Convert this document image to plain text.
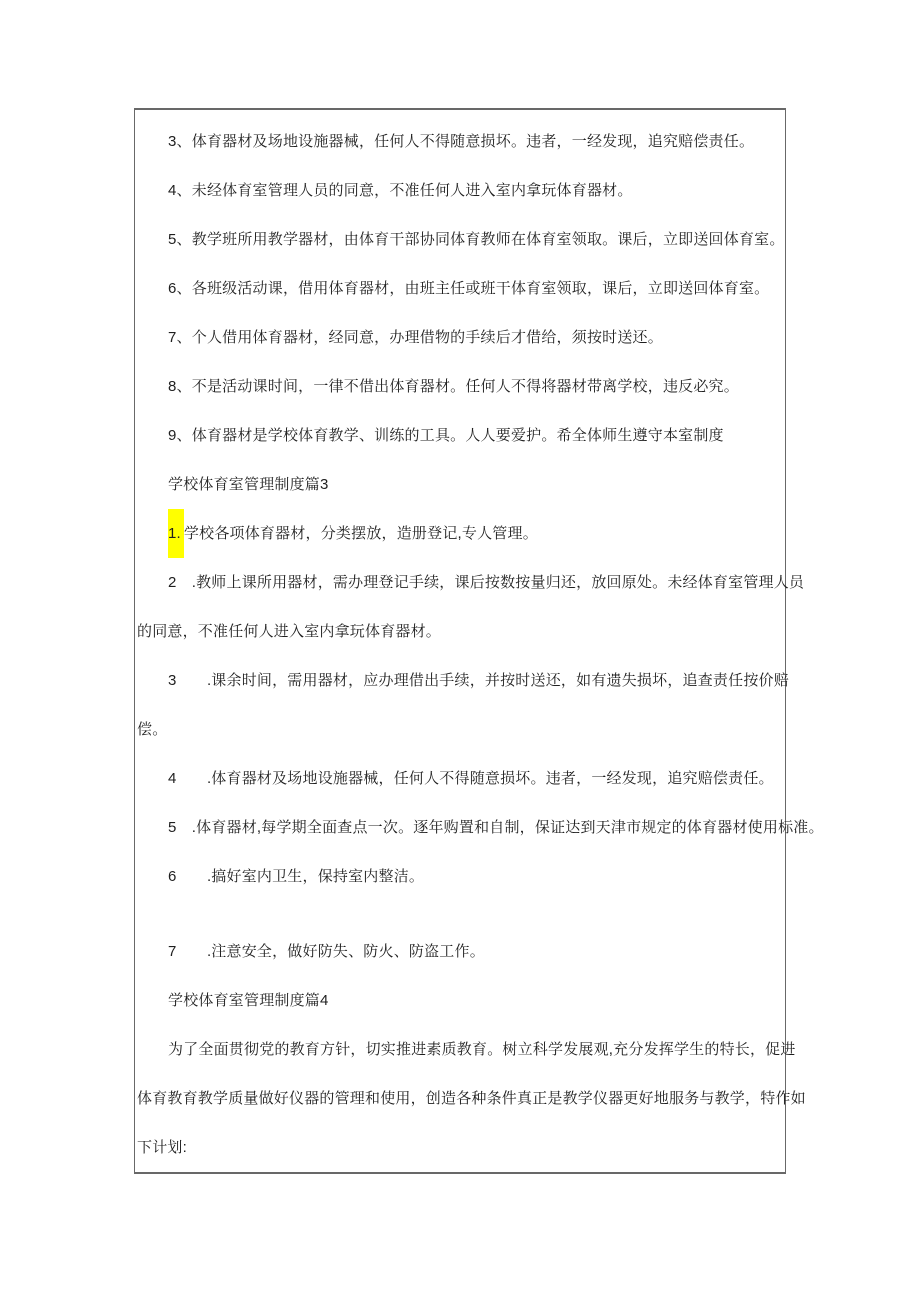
3、体育器材及场地设施器械，任何人不得随意损坏。违者，一经发现，追究赔偿责任。
4、未经体育室管理人员的同意，不准任何人进入室内拿玩体育器材。
5、教学班所用教学器材，由体育干部协同体育教师在体育室领取。课后，立即送回体育室。
6、各班级活动课，借用体育器材，由班主任或班干体育室领取，课后，立即送回体育室。
7、个人借用体育器材，经同意，办理借物的手续后才借给，须按时送还。
8、不是活动课时间，一律不借出体育器材。任何人不得将器材带离学校，违反必究。
9、体育器材是学校体育教学、训练的工具。人人要爱护。希全体师生遵守本室制度
学校体育室管理制度篇3
1. 学校各项体育器材，分类摆放，造册登记,专人管理。
2　.教师上课所用器材，需办理登记手续，课后按数按量归还，放回原处。未经体育室管理人员
的同意，不准任何人进入室内拿玩体育器材。
3　　.课余时间，需用器材，应办理借出手续，并按时送还，如有遗失损坏，追查责任按价赔
偿。
4　　.体育器材及场地设施器械，任何人不得随意损坏。违者，一经发现，追究赔偿责任。
5　.体育器材,每学期全面查点一次。逐年购置和自制，保证达到天津市规定的体育器材使用标准。
6　　.搞好室内卫生，保持室内整洁。
7　　.注意安全，做好防失、防火、防盗工作。
学校体育室管理制度篇4
为了全面贯彻党的教育方针，切实推进素质教育。树立科学发展观,充分发挥学生的特长，促进
体育教育教学质量做好仪器的管理和使用，创造各种条件真正是教学仪器更好地服务与教学，特作如
下计划:
